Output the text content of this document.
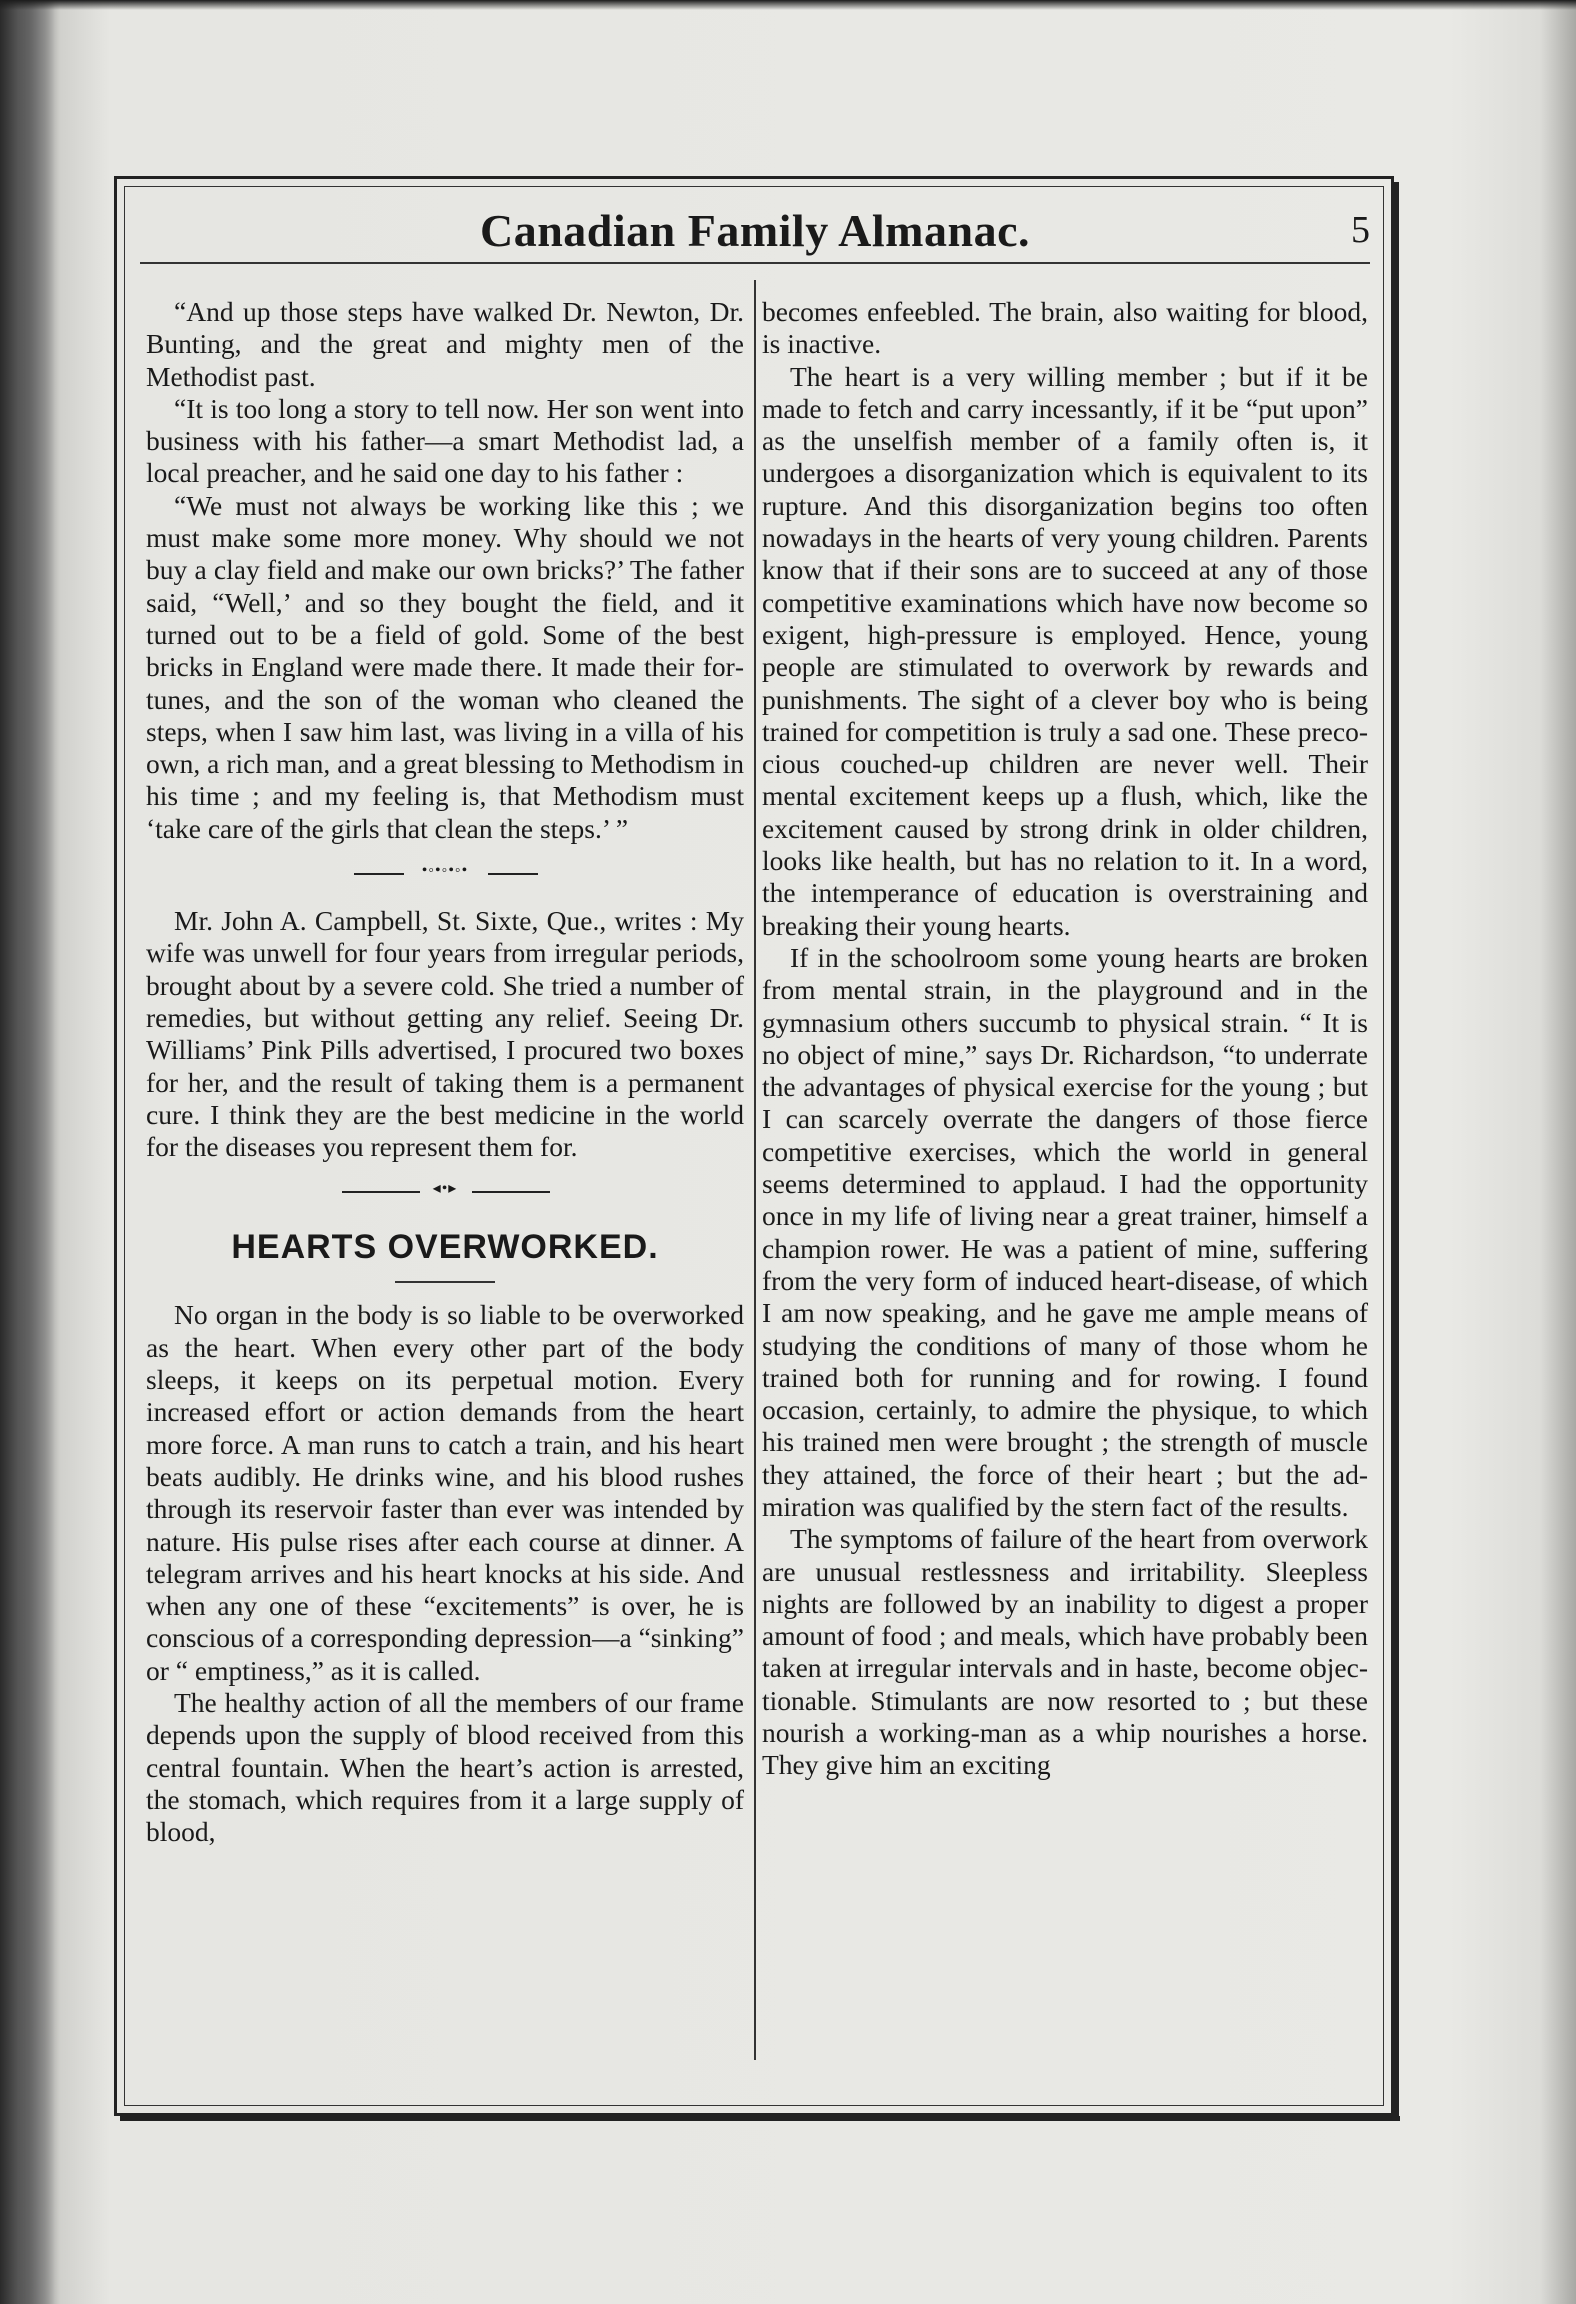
Canadian Family Almanac.	5

“And up those steps have walked Dr. Newton, Dr. Bunting, and the great and mighty men of the Methodist past.

“It is too long a story to tell now. Her son went into business with his father—a smart Methodist lad, a local preacher, and he said one day to his father :

“We must not always be working like this ; we must make some more money. Why should we not buy a clay field and make our own bricks?’ The father said, “Well,’ and so they bought the field, and it turned out to be a field of gold. Some of the best bricks in England were made there. It made their fortunes, and the son of the woman who cleaned the steps, when I saw him last, was living in a villa of his own, a rich man, and a great blessing to Methodism in his time ; and my feeling is, that Methodism must ‘take care of the girls that clean the steps.’ ”

•◦•◦•◦•

Mr. John A. Campbell, St. Sixte, Que., writes : My wife was unwell for four years from irregular periods, brought about by a severe cold. She tried a number of remedies, but without getting any relief. Seeing Dr. Williams’ Pink Pills advertised, I procured two boxes for her, and the result of taking them is a permanent cure. I think they are the best medicine in the world for the diseases you represent them for.

◂•▸
HEARTS OVERWORKED.

No organ in the body is so liable to be overworked as the heart. When every other part of the body sleeps, it keeps on its perpetual motion. Every increased effort or action demands from the heart more force. A man runs to catch a train, and his heart beats audibly. He drinks wine, and his blood rushes through its reservoir faster than ever was intended by nature. His pulse rises after each course at dinner. A telegram arrives and his heart knocks at his side. And when any one of these “excitements” is over, he is conscious of a corresponding depression—a “sinking” or “ emptiness,” as it is called.

The healthy action of all the members of our frame depends upon the supply of blood received from this central fountain. When the heart’s action is arrested, the stomach, which requires from it a large supply of blood,

becomes enfeebled. The brain, also waiting for blood, is inactive.

The heart is a very willing member ; but if it be made to fetch and carry incessantly, if it be “put upon” as the unselfish member of a family often is, it undergoes a disorganization which is equivalent to its rupture. And this disorganization begins too often nowadays in the hearts of very young children. Parents know that if their sons are to succeed at any of those competitive examinations which have now become so exigent, high-pressure is employed. Hence, young people are stimulated to overwork by rewards and punishments. The sight of a clever boy who is being trained for competition is truly a sad one. These precocious couched-up children are never well. Their mental excitement keeps up a flush, which, like the excitement caused by strong drink in older children, looks like health, but has no relation to it. In a word, the intemperance of education is overstraining and breaking their young hearts.

If in the schoolroom some young hearts are broken from mental strain, in the playground and in the gymnasium others succumb to physical strain. “ It is no object of mine,” says Dr. Richardson, “to underrate the advantages of physical exercise for the young ; but I can scarcely overrate the dangers of those fierce competitive exercises, which the world in general seems determined to applaud. I had the opportunity once in my life of living near a great trainer, himself a champion rower. He was a patient of mine, suffering from the very form of induced heart-disease, of which I am now speaking, and he gave me ample means of studying the conditions of many of those whom he trained both for running and for rowing. I found occasion, certainly, to admire the physique, to which his trained men were brought ; the strength of muscle they attained, the force of their heart ; but the admiration was qualified by the stern fact of the results.

The symptoms of failure of the heart from overwork are unusual restlessness and irritability. Sleepless nights are followed by an inability to digest a proper amount of food ; and meals, which have probably been taken at irregular intervals and in haste, become objectionable. Stimulants are now resorted to ; but these nourish a working-man as a whip nourishes a horse. They give him an exciting
